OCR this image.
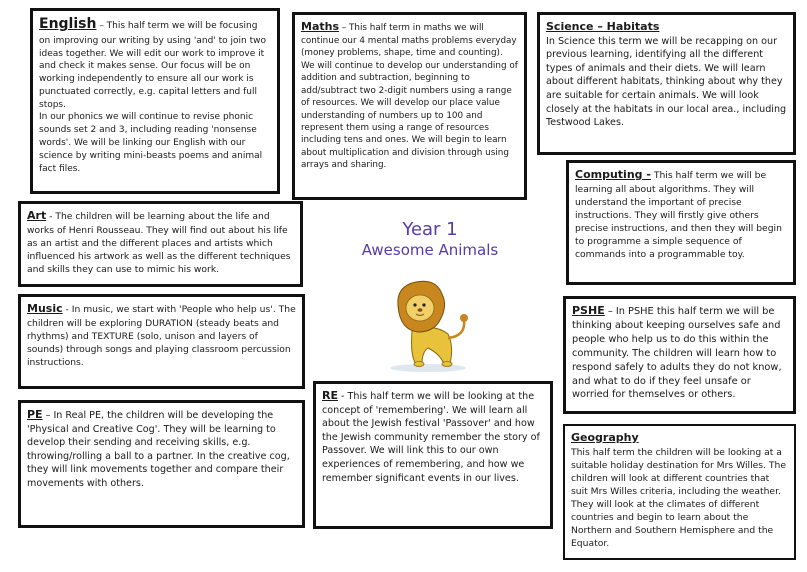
English – This half term we will be focusing on improving our writing by using 'and' to join two ideas together. We will edit our work to improve it and check it makes sense. Our focus will be on working independently to ensure all our work is punctuated correctly, e.g. capital letters and full stops.
In our phonics we will continue to revise phonic sounds set 2 and 3, including reading 'nonsense words'. We will be linking our English with our science by writing mini-beasts poems and animal fact files.
Maths – This half term in maths we will continue our 4 mental maths problems everyday (money problems, shape, time and counting). We will continue to develop our understanding of addition and subtraction, beginning to add/subtract two 2-digit numbers using a range of resources. We will develop our place value understanding of numbers up to 100 and represent them using a range of resources including tens and ones. We will begin to learn about multiplication and division through using arrays and sharing.
Science – Habitats
In Science this term we will be recapping on our previous learning, identifying all the different types of animals and their diets. We will learn about different habitats, thinking about why they are suitable for certain animals. We will look closely at the habitats in our local area., including Testwood Lakes.
Art - The children will be learning about the life and works of Henri Rousseau. They will find out about his life as an artist and the different places and artists which influenced his artwork as well as the different techniques and skills they can use to mimic his work.
Computing - This half term we will be learning all about algorithms. They will understand the important of precise instructions. They will firstly give others precise instructions, and then they will begin to programme a simple sequence of commands into a programmable toy.
Year 1
Awesome Animals
Music - In music, we start with 'People who help us'. The children will be exploring DURATION (steady beats and rhythms) and TEXTURE (solo, unison and layers of sounds) through songs and playing classroom percussion instructions.
PSHE – In PSHE this half term we will be thinking about keeping ourselves safe and people who help us to do this within the community. The children will learn how to respond safely to adults they do not know, and what to do if they feel unsafe or worried for themselves or others.
RE - This half term we will be looking at the concept of 'remembering'. We will learn all about the Jewish festival 'Passover' and how the Jewish community remember the story of Passover. We will link this to our own experiences of remembering, and how we remember significant events in our lives.
PE – In Real PE, the children will be developing the 'Physical and Creative Cog'. They will be learning to develop their sending and receiving skills, e.g. throwing/rolling a ball to a partner. In the creative cog, they will link movements together and compare their movements with others.
Geography
This half term the children will be looking at a suitable holiday destination for Mrs Willes. The children will look at different countries that suit Mrs Willes criteria, including the weather. They will look at the climates of different countries and begin to learn about the Northern and Southern Hemisphere and the Equator.
